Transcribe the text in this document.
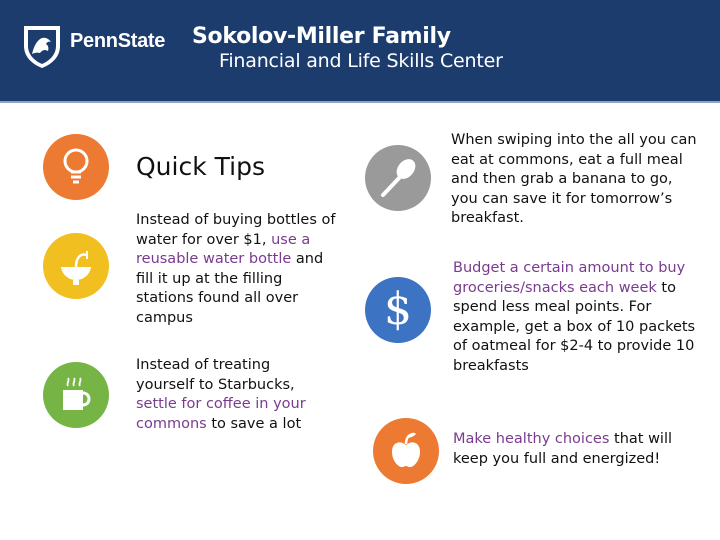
PennState Sokolov-Miller Family
Financial and Life Skills Center
$
Quick Tips
Instead of buying bottles of water for over $1, use a reusable water bottle and fill it up at the filling stations found all over campus
Instead of treating yourself to Starbucks, settle for coffee in your commons to save a lot
When swiping into the all you can eat at commons, eat a full meal and then grab a banana to go, you can save it for tomorrow’s breakfast.
Budget a certain amount to buy groceries/snacks each week to spend less meal points. For example, get a box of 10 packets of oatmeal for $2-4 to provide 10 breakfasts
Make healthy choices that will keep you full and energized!
